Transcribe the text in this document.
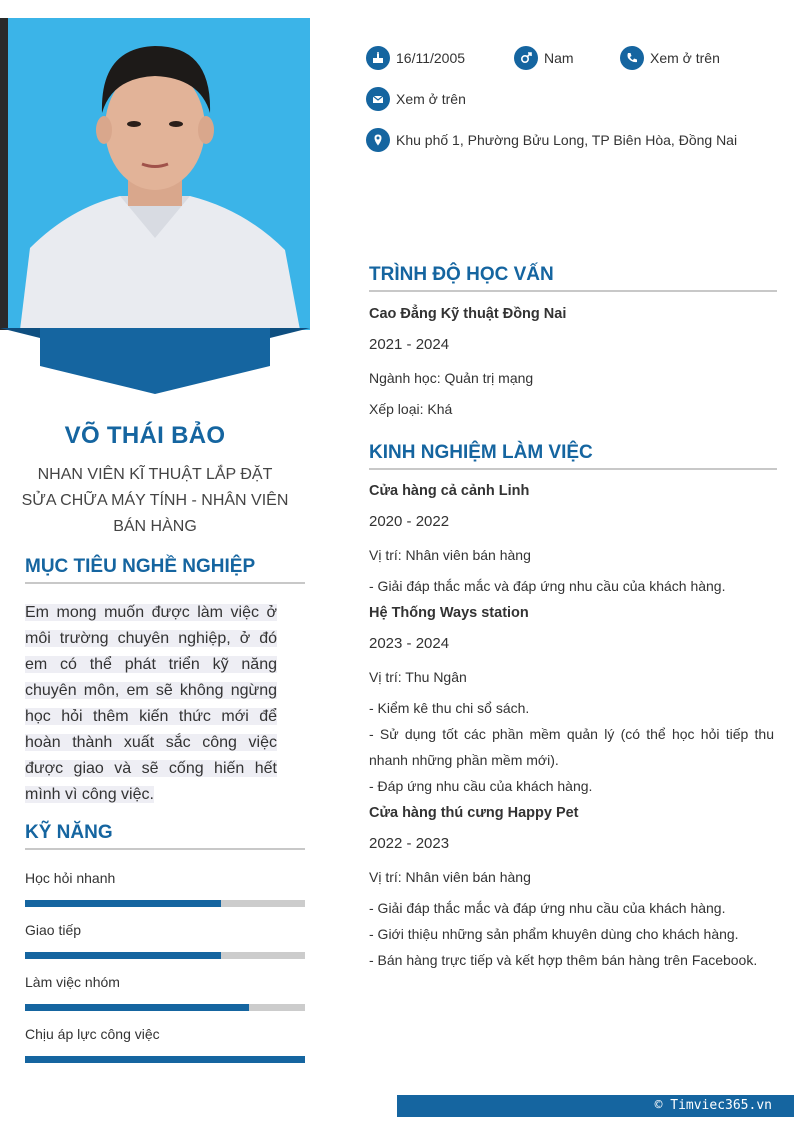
VÕ THÁI BẢO
NHAN VIÊN KĨ THUẬT LẮP ĐẶT SỬA CHỮA MÁY TÍNH - NHÂN VIÊN BÁN HÀNG
MỤC TIÊU NGHỀ NGHIỆP
Em mong muốn được làm việc ở môi trường chuyên nghiệp, ở đó em có thể phát triển kỹ năng chuyên môn, em sẽ không ngừng học hỏi thêm kiến thức mới để hoàn thành xuất sắc công việc được giao và sẽ cống hiến hết mình vì công việc.
KỸ NĂNG
Học hỏi nhanh
Giao tiếp
Làm việc nhóm
Chịu áp lực công việc
16/11/2005	Nam	Xem ở trên
Xem ở trên
Khu phố 1, Phường Bửu Long, TP Biên Hòa, Đồng Nai
TRÌNH ĐỘ HỌC VẤN
Cao Đẳng Kỹ thuật Đồng Nai
2021 - 2024
Ngành học: Quản trị mạng
Xếp loại: Khá
KINH NGHIỆM LÀM VIỆC
Cửa hàng cả cảnh Linh
2020 - 2022
Vị trí: Nhân viên bán hàng
- Giải đáp thắc mắc và đáp ứng nhu cầu của khách hàng.
Hệ Thống Ways station
2023 - 2024
Vị trí: Thu Ngân
- Kiểm kê thu chi sổ sách.
- Sử dụng tốt các phần mềm quản lý (có thể học hỏi tiếp thu nhanh những phần mềm mới).
- Đáp ứng nhu cầu của khách hàng.
Cửa hàng thú cưng Happy Pet
2022 - 2023
Vị trí: Nhân viên bán hàng
- Giải đáp thắc mắc và đáp ứng nhu cầu của khách hàng.
- Giới thiệu những sản phẩm khuyên dùng cho khách hàng.
- Bán hàng trực tiếp và kết hợp thêm bán hàng trên Facebook.
© Timviec365.vn
